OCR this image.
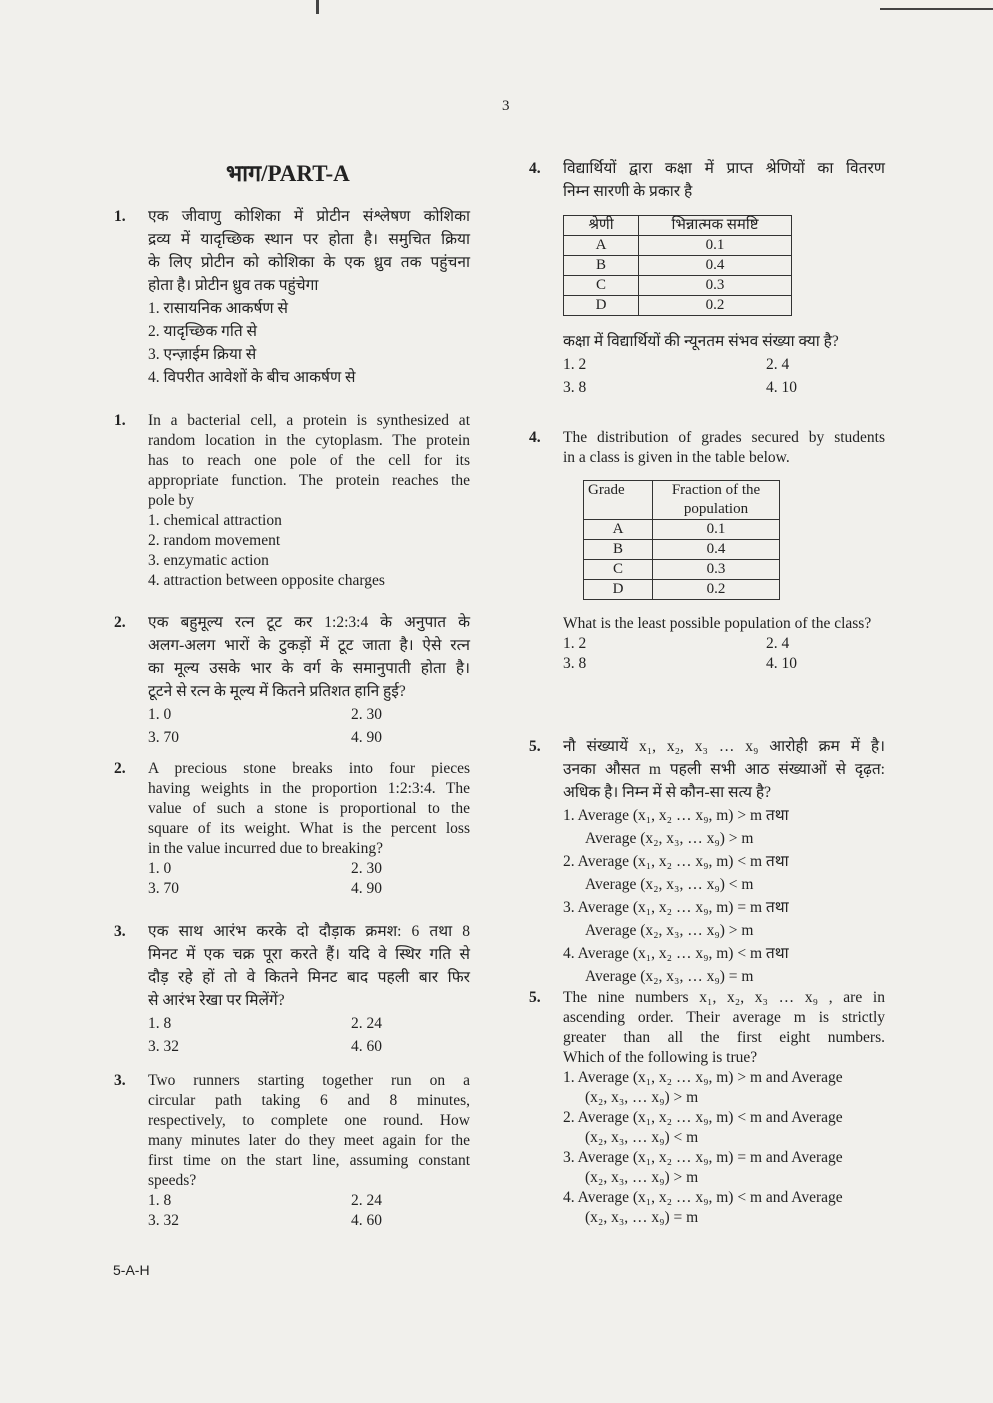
3
भाग/PART-A
1. एक जीवाणु कोशिका में प्रोटीन संश्लेषण कोशिका
द्रव्य में यादृच्छिक स्थान पर होता है। समुचित क्रिया
के लिए प्रोटीन को कोशिका के एक ध्रुव तक पहुंचना
होता है। प्रोटीन ध्रुव तक पहुंचेगा
1. रासायनिक आकर्षण से
2. यादृच्छिक गति से
3. एन्ज़ाईम क्रिया से
4. विपरीत आवेशों के बीच आकर्षण से
1. In a bacterial cell, a protein is synthesized at
random location in the cytoplasm. The protein
has to reach one pole of the cell for its
appropriate function. The protein reaches the
pole by
1. chemical attraction
2. random movement
3. enzymatic action
4. attraction between opposite charges
2. एक बहुमूल्य रत्न टूट कर 1:2:3:4 के अनुपात के
अलग-अलग भारों के टुकड़ों में टूट जाता है। ऐसे रत्न
का मूल्य उसके भार के वर्ग के समानुपाती होता है।
टूटने से रत्न के मूल्य में कितने प्रतिशत हानि हुई?
1. 0	2. 30
3. 70	4. 90
2. A precious stone breaks into four pieces
having weights in the proportion 1:2:3:4. The
value of such a stone is proportional to the
square of its weight. What is the percent loss
in the value incurred due to breaking?
1. 0	2. 30
3. 70	4. 90
3. एक साथ आरंभ करके दो दौड़ाक क्रमश: 6 तथा 8
मिनट में एक चक्र पूरा करते हैं। यदि वे स्थिर गति से
दौड़ रहे हों तो वे कितने मिनट बाद पहली बार फिर
से आरंभ रेखा पर मिलेंगें?
1. 8	2. 24
3. 32	4. 60
3. Two runners starting together run on a
circular path taking 6 and 8 minutes,
respectively, to complete one round. How
many minutes later do they meet again for the
first time on the start line, assuming constant
speeds?
1. 8	2. 24
3. 32	4. 60
4. विद्यार्थियों द्वारा कक्षा में प्राप्त श्रेणियों का वितरण
निम्न सारणी के प्रकार है
श्रेणी	भिन्नात्मक समष्टि
A	0.1
B	0.4
C	0.3
D	0.2
कक्षा में विद्यार्थियों की न्यूनतम संभव संख्या क्या है?
1. 2	2. 4
3. 8	4. 10
4. The distribution of grades secured by students
in a class is given in the table below.
Grade	Fraction of the population
A	0.1
B	0.4
C	0.3
D	0.2
What is the least possible population of the class?
1. 2	2. 4
3. 8	4. 10
5. नौ संख्यायें x₁, x₂, x₃ … x₉ आरोही क्रम में है।
उनका औसत m पहली सभी आठ संख्याओं से दृढ़त:
अधिक है। निम्न में से कौन-सा सत्य है?
1. Average (x₁, x₂ … x₉, m) > m तथा
Average (x₂, x₃, … x₉) > m
2. Average (x₁, x₂ … x₉, m) < m तथा
Average (x₂, x₃, … x₉) < m
3. Average (x₁, x₂ … x₉, m) = m तथा
Average (x₂, x₃, … x₉) > m
4. Average (x₁, x₂ … x₉, m) < m तथा
Average (x₂, x₃, … x₉) = m
5. The nine numbers x₁, x₂, x₃ … x₉ , are in
ascending order. Their average m is strictly
greater than all the first eight numbers.
Which of the following is true?
1. Average (x₁, x₂ … x₉, m) > m and Average
(x₂, x₃, … x₉) > m
2. Average (x₁, x₂ … x₉, m) < m and Average
(x₂, x₃, … x₉) < m
3. Average (x₁, x₂ … x₉, m) = m and Average
(x₂, x₃, … x₉) > m
4. Average (x₁, x₂ … x₉, m) < m and Average
(x₂, x₃, … x₉) = m
5-A-H
